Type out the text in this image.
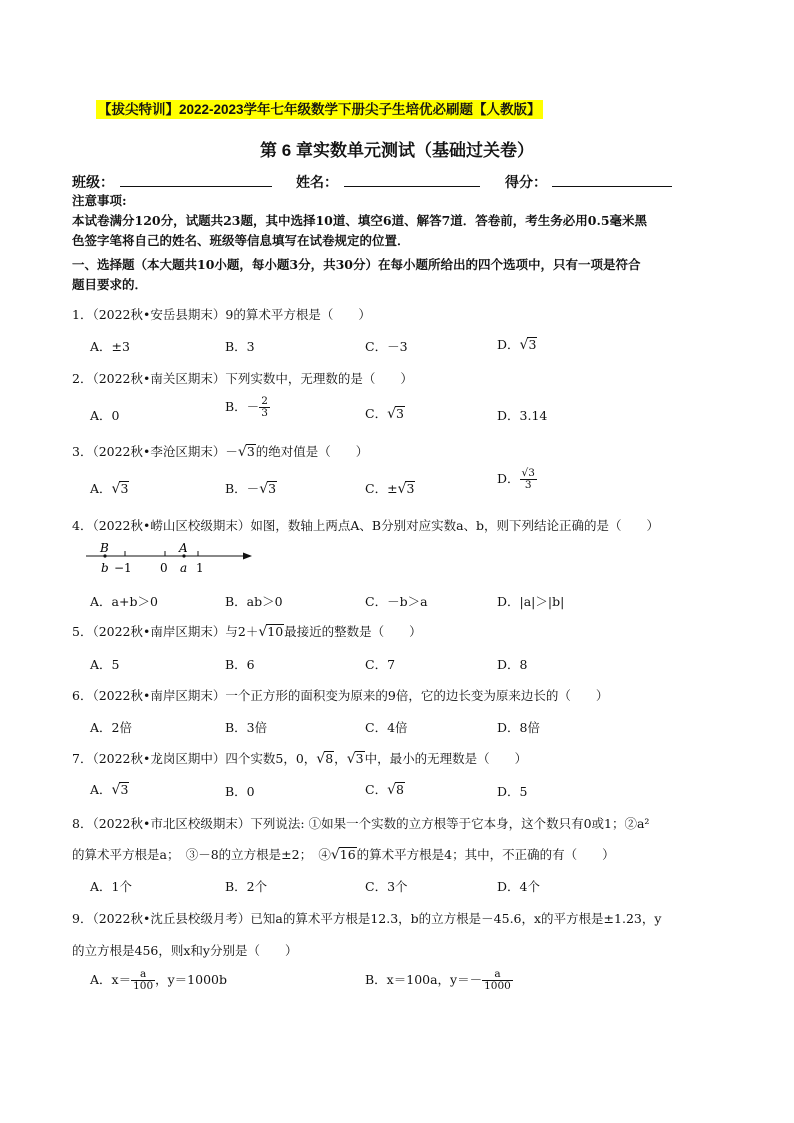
【拔尖特训】2022-2023学年七年级数学下册尖子生培优必刷题【人教版】
第 6 章实数单元测试（基础过关卷）
班级：	姓名：	得分：
注意事项:
本试卷满分120分，试题共23题，其中选择10道、填空6道、解答7道．答卷前，考生务必用0.5毫米黑
色签字笔将自己的姓名、班级等信息填写在试卷规定的位置．
一、选择题（本大题共10小题，每小题3分，共30分）在每小题所给出的四个选项中，只有一项是符合
题目要求的．
1．（2022秋•安岳县期末）9的算术平方根是（　　）
A．±3	B．3	C．－3	D．√3
2．（2022秋•南关区期末）下列实数中，无理数的是（　　）
A．0
B．－ $\frac{2}{3}$	C．√3	D．3.14
3．（2022秋•李沧区期末）－√3的绝对值是（　　）
A．√3	B．－√3	C．±√3
D． $\frac{√3}{3}$
4．（2022秋•崂山区校级期末）如图，数轴上两点A、B分别对应实数a、b，则下列结论正确的是（　　）
B	A
b −1 0 a 1
A．a+b＞0	B．ab＞0	C．－b＞a	D．|a|＞|b|
5．（2022秋•南岸区期末）与2＋√10最接近的整数是（　　）
A．5	B．6	C．7	D．8
6．（2022秋•南岸区期末）一个正方形的面积变为原来的9倍，它的边长变为原来边长的（　　）
A．2倍	B．3倍	C．4倍	D．8倍
7．（2022秋•龙岗区期中）四个实数5，0，√8，√3中，最小的无理数是（　　）
A．√3	B．0	C．√8	D．5
8．（2022秋•市北区校级期末）下列说法: ①如果一个实数的立方根等于它本身，这个数只有0或1；②a²
的算术平方根是a；　③－8的立方根是±2；　④√16的算术平方根是4；其中，不正确的有（　　）
A．1个	B．2个	C．3个	D．4个
9．（2022秋•沈丘县校级月考）已知a的算术平方根是12.3，b的立方根是－45.6，x的平方根是±1.23，y
的立方根是456，则x和y分别是（　　）
A．$x= \frac{a}{100}$ ，y＝1000b	B．x＝100a，$y=- \frac{a}{1000}$
